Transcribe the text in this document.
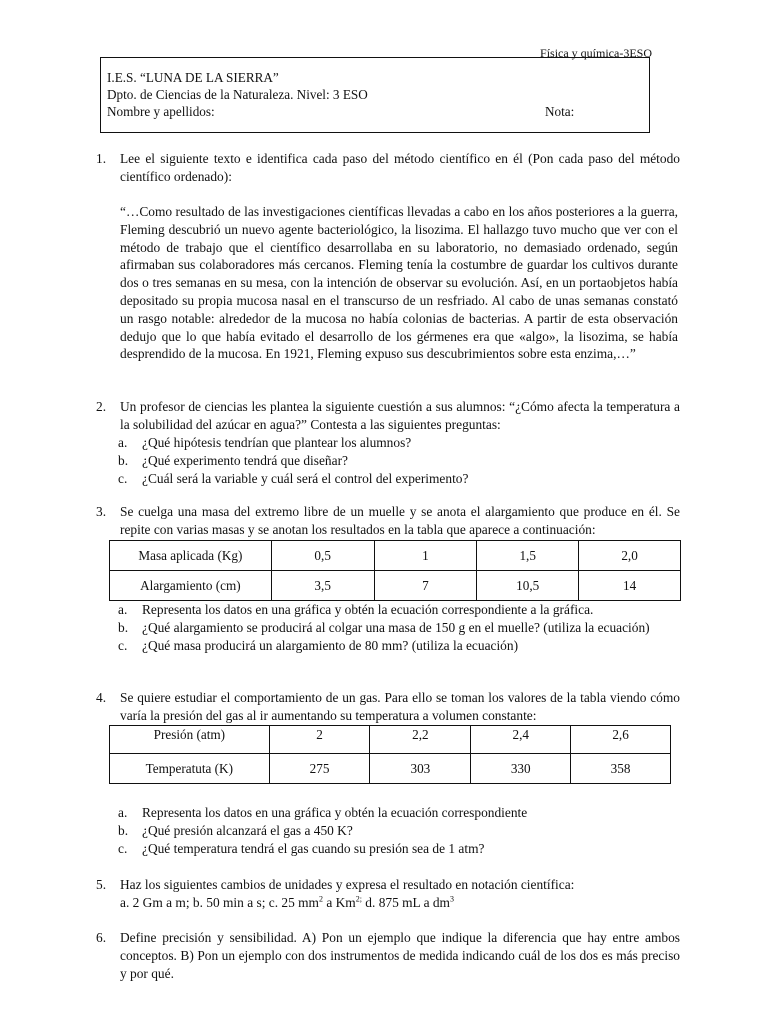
Física y química-3ESO
I.E.S. “LUNA DE LA SIERRA”
Dpto. de Ciencias de la Naturaleza. Nivel: 3 ESO
Nombre y apellidos:	Nota:
1. Lee el siguiente texto e identifica cada paso del método científico en él (Pon cada paso del método científico ordenado):
“…Como resultado de las investigaciones científicas llevadas a cabo en los años posteriores a la guerra, Fleming descubrió un nuevo agente bacteriológico, la lisozima. El hallazgo tuvo mucho que ver con el método de trabajo que el científico desarrollaba en su laboratorio, no demasiado ordenado, según afirmaban sus colaboradores más cercanos. Fleming tenía la costumbre de guardar los cultivos durante dos o tres semanas en su mesa, con la intención de observar su evolución. Así, en un portaobjetos había depositado su propia mucosa nasal en el transcurso de un resfriado. Al cabo de unas semanas constató un rasgo notable: alrededor de la mucosa no había colonias de bacterias. A partir de esta observación dedujo que lo que había evitado el desarrollo de los gérmenes era que «algo», la lisozima, se había desprendido de la mucosa. En 1921, Fleming expuso sus descubrimientos sobre esta enzima,…”
2. Un profesor de ciencias les plantea la siguiente cuestión a sus alumnos: “¿Cómo afecta la temperatura a la solubilidad del azúcar en agua?” Contesta a las siguientes preguntas:
a. ¿Qué hipótesis tendrían que plantear los alumnos?
b. ¿Qué experimento tendrá que diseñar?
c. ¿Cuál será la variable y cuál será el control del experimento?
3. Se cuelga una masa del extremo libre de un muelle y se anota el alargamiento que produce en él. Se repite con varias masas y se anotan los resultados en la tabla que aparece a continuación:
Masa aplicada (Kg)	0,5	1	1,5	2,0
Alargamiento (cm)	3,5	7	10,5	14
a. Representa los datos en una gráfica y obtén la ecuación correspondiente a la gráfica.
b. ¿Qué alargamiento se producirá al colgar una masa de 150 g en el muelle? (utiliza la ecuación)
c. ¿Qué masa producirá un alargamiento de 80 mm? (utiliza la ecuación)
4. Se quiere estudiar el comportamiento de un gas. Para ello se toman los valores de la tabla viendo cómo varía la presión del gas al ir aumentando su temperatura a volumen constante:
Presión (atm)	2	2,2	2,4	2,6
Temperatuta (K)	275	303	330	358
a. Representa los datos en una gráfica y obtén la ecuación correspondiente
b. ¿Qué presión alcanzará el gas a 450 K?
c. ¿Qué temperatura tendrá el gas cuando su presión sea de 1 atm?
5. Haz los siguientes cambios de unidades y expresa el resultado en notación científica:
a. 2 Gm a m; b. 50 min a s; c. 25 $mm^2$ a $Km^{2;}$ d. 875 mL a $dm^3$
6. Define precisión y sensibilidad. A) Pon un ejemplo que indique la diferencia que hay entre ambos conceptos. B) Pon un ejemplo con dos instrumentos de medida indicando cuál de los dos es más preciso y por qué.
